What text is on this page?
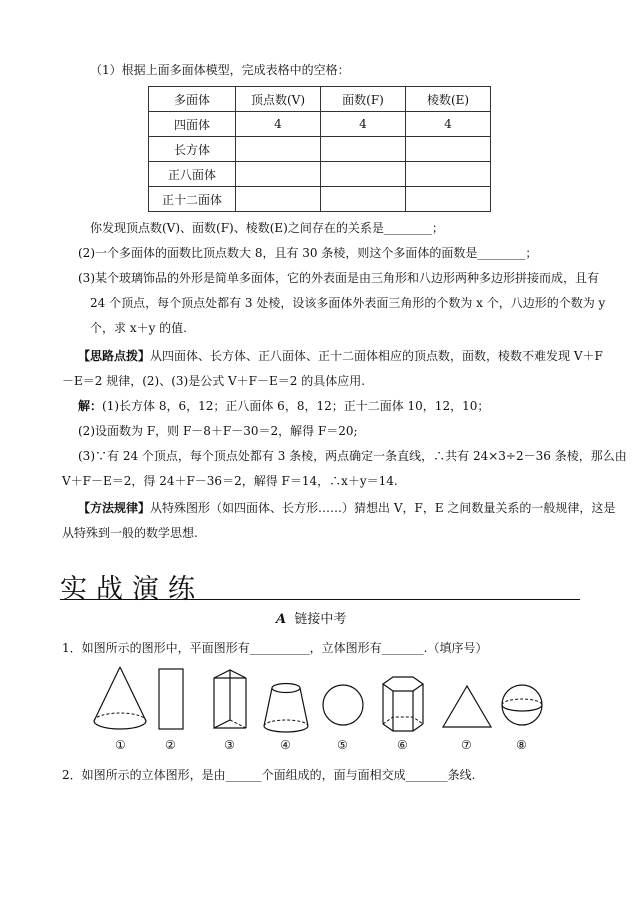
（1）根据上面多面体模型，完成表格中的空格：
多面体	顶点数(V)	面数(F)	棱数(E)
四面体	4	4	4
长方体			
正八面体			
正十二面体			
你发现顶点数(V)、面数(F)、棱数(E)之间存在的关系是________；
(2)一个多面体的面数比顶点数大 8，且有 30 条棱，则这个多面体的面数是________；
(3)某个玻璃饰品的外形是简单多面体，它的外表面是由三角形和八边形两种多边形拼接而成，且有
24 个顶点，每个顶点处都有 3 处棱，设该多面体外表面三角形的个数为 x 个，八边形的个数为 y
个，求 x＋y 的值.
【思路点拨】从四面体、长方体、正八面体、正十二面体相应的顶点数，面数，棱数不难发现 V＋F
－E＝2 规律，(2)、(3)是公式 V＋F－E＝2 的具体应用.
解：(1)长方体 8，6，12；正八面体 6，8，12；正十二面体 10，12，10；
(2)设面数为 F，则 F－8＋F－30＝2，解得 F＝20;
(3)∵有 24 个顶点，每个顶点处都有 3 条棱，两点确定一条直线，∴共有 24×3÷2－36 条棱，那么由
V＋F－E＝2，得 24＋F－36＝2，解得 F＝14，∴x＋y＝14.
【方法规律】从特殊图形（如四面体、长方形……）猜想出 V，F，E 之间数量关系的一般规律，这是
从特殊到一般的数学思想.
实战演练
A 链接中考
1．如图所示的图形中，平面图形有__________，立体图形有_______.（填序号）
①	②	③	④	⑤	⑥	⑦	⑧
2．如图所示的立体图形，是由______个面组成的，面与面相交成_______条线.
